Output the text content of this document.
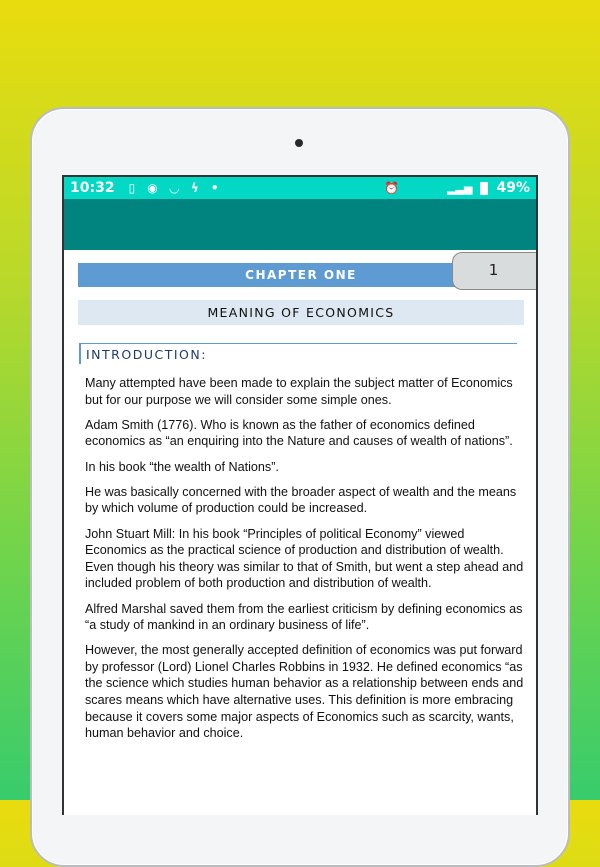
10:32 ▯ ◉ ◡ ϟ •	⏰	▂▃▅ 49%
CHAPTER ONE	1
MEANING OF ECONOMICS
INTRODUCTION:

Many attempted have been made to explain the subject matter of Economics but for our purpose we will consider some simple ones.

Adam Smith (1776). Who is known as the father of economics defined economics as “an enquiring into the Nature and causes of wealth of nations”.

In his book “the wealth of Nations”.

He was basically concerned with the broader aspect of wealth and the means by which volume of production could be increased.

John Stuart Mill: In his book “Principles of political Economy” viewed Economics as the practical science of production and distribution of wealth. Even though his theory was similar to that of Smith, but went a step ahead and included problem of both production and distribution of wealth.

Alfred Marshal saved them from the earliest criticism by defining economics as “a study of mankind in an ordinary business of life”.

However, the most generally accepted definition of economics was put forward by professor (Lord) Lionel Charles Robbins in 1932. He defined economics “as the science which studies human behavior as a relationship between ends and scares means which have alternative uses. This definition is more embracing because it covers some major aspects of Economics such as scarcity, wants, human behavior and choice.
